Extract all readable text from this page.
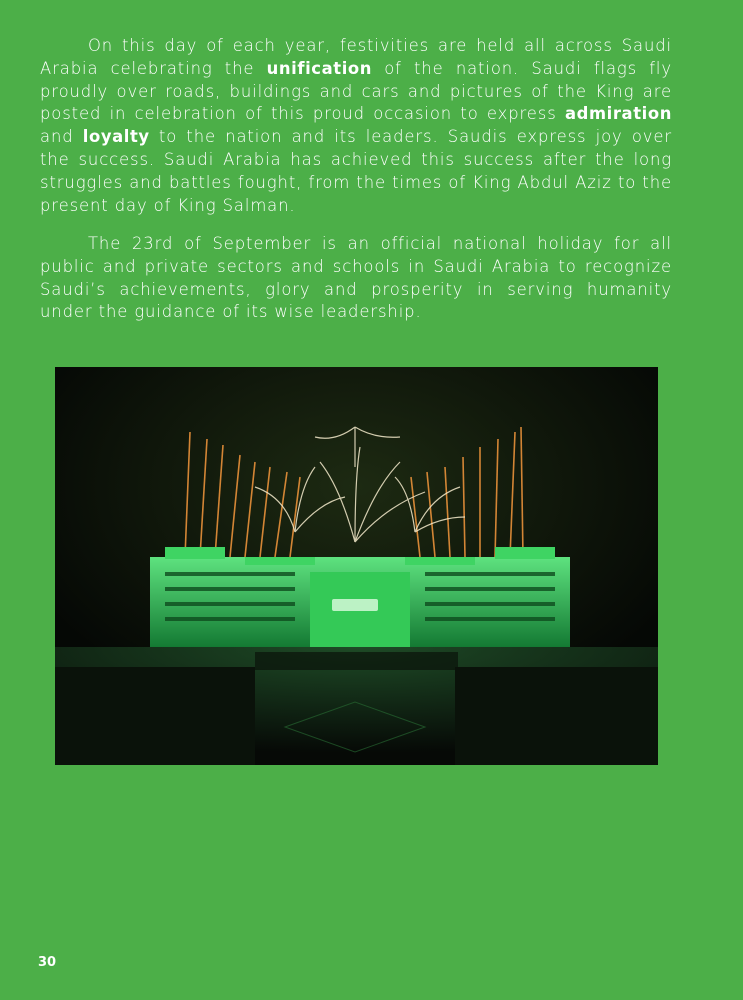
On this day of each year, festivities are held all across Saudi Arabia celebrating the unification of the nation. Saudi flags fly proudly over roads, buildings and cars and pictures of the King are posted in celebration of this proud occasion to express admiration and loyalty to the nation and its leaders. Saudis express joy over the success. Saudi Arabia has achieved this success after the long struggles and battles fought, from the times of King Abdul Aziz to the present day of King Salman.

The 23rd of September is an official national holiday for all public and private sectors and schools in Saudi Arabia to recognize Saudi’s achievements, glory and prosperity in serving humanity under the guidance of its wise leadership.

30
